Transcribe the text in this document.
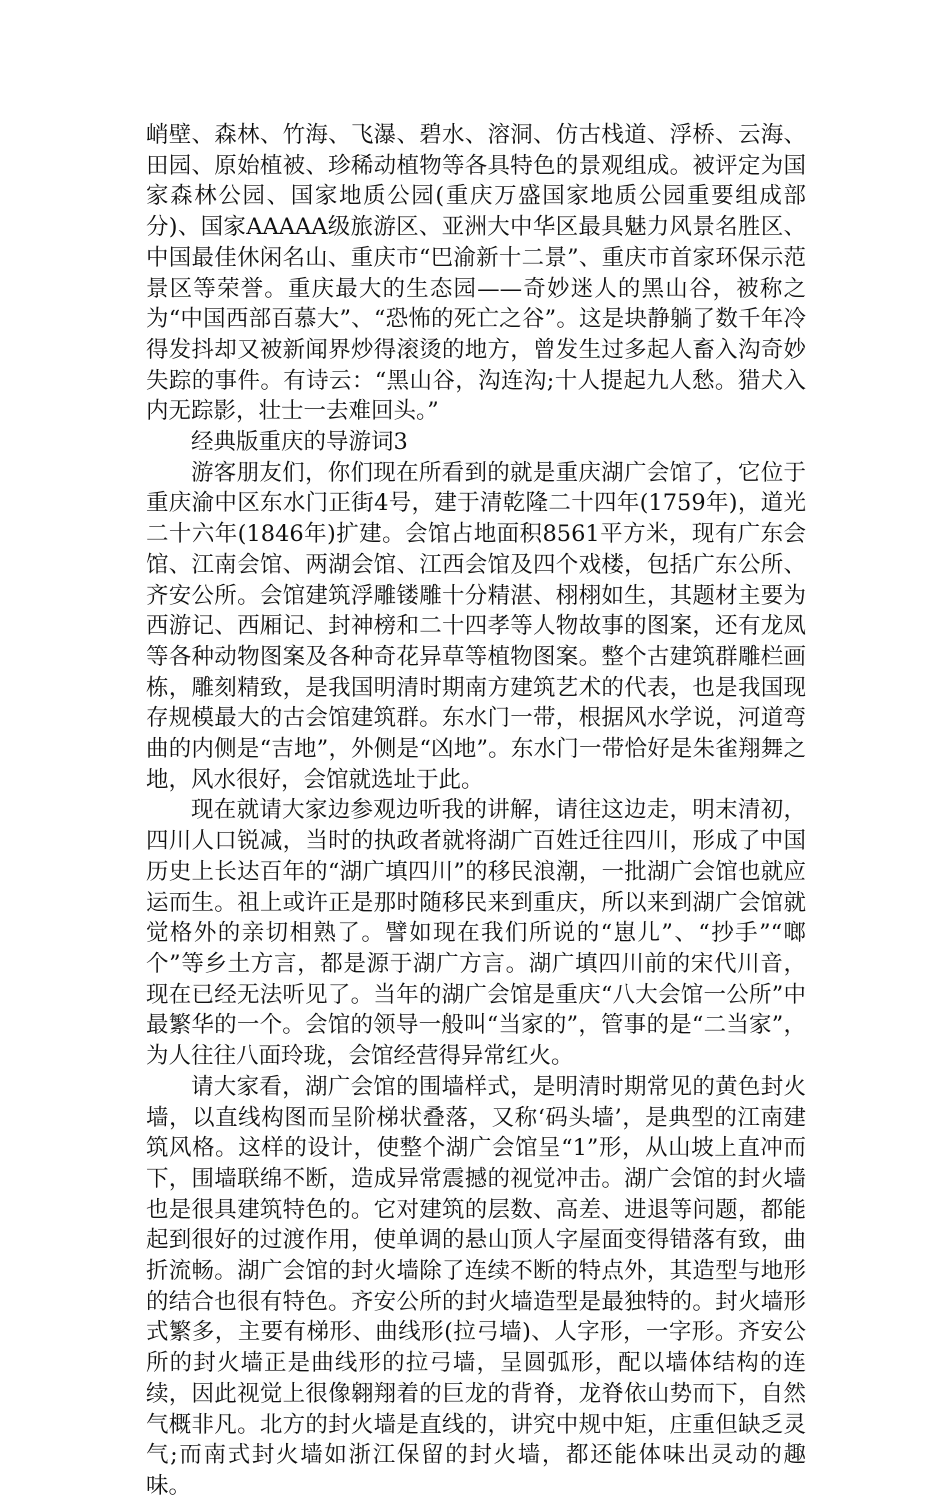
峭壁、森林、竹海、飞瀑、碧水、溶洞、仿古栈道、浮桥、云海、田园、原始植被、珍稀动植物等各具特色的景观组成。被评定为国家森林公园、国家地质公园(重庆万盛国家地质公园重要组成部分)、国家AAAAA级旅游区、亚洲大中华区最具魅力风景名胜区、中国最佳休闲名山、重庆市“巴渝新十二景”、重庆市首家环保示范景区等荣誉。重庆最大的生态园——奇妙迷人的黑山谷，被称之为“中国西部百慕大”、“恐怖的死亡之谷”。这是块静躺了数千年冷得发抖却又被新闻界炒得滚烫的地方，曾发生过多起人畜入沟奇妙失踪的事件。有诗云：“黑山谷，沟连沟;十人提起九人愁。猎犬入内无踪影，壮士一去难回头。”

经典版重庆的导游词3

游客朋友们，你们现在所看到的就是重庆湖广会馆了，它位于重庆渝中区东水门正街4号，建于清乾隆二十四年(1759年)，道光二十六年(1846年)扩建。会馆占地面积8561平方米，现有广东会馆、江南会馆、两湖会馆、江西会馆及四个戏楼，包括广东公所、齐安公所。会馆建筑浮雕镂雕十分精湛、栩栩如生，其题材主要为西游记、西厢记、封神榜和二十四孝等人物故事的图案，还有龙凤等各种动物图案及各种奇花异草等植物图案。整个古建筑群雕栏画栋，雕刻精致，是我国明清时期南方建筑艺术的代表，也是我国现存规模最大的古会馆建筑群。东水门一带，根据风水学说，河道弯曲的内侧是“吉地”，外侧是“凶地”。东水门一带恰好是朱雀翔舞之地，风水很好，会馆就选址于此。

现在就请大家边参观边听我的讲解，请往这边走，明末清初，四川人口锐减，当时的执政者就将湖广百姓迁往四川，形成了中国历史上长达百年的“湖广填四川”的移民浪潮，一批湖广会馆也就应运而生。祖上或许正是那时随移民来到重庆，所以来到湖广会馆就觉格外的亲切相熟了。譬如现在我们所说的“崽儿”、“抄手”“啷个”等乡土方言，都是源于湖广方言。湖广填四川前的宋代川音，现在已经无法听见了。当年的湖广会馆是重庆“八大会馆一公所”中最繁华的一个。会馆的领导一般叫“当家的”，管事的是“二当家”，为人往往八面玲珑，会馆经营得异常红火。

请大家看，湖广会馆的围墙样式，是明清时期常见的黄色封火墙，以直线构图而呈阶梯状叠落，又称‘码头墙’，是典型的江南建筑风格。这样的设计，使整个湖广会馆呈“1”形，从山坡上直冲而下，围墙联绵不断，造成异常震撼的视觉冲击。湖广会馆的封火墙也是很具建筑特色的。它对建筑的层数、高差、进退等问题，都能起到很好的过渡作用，使单调的悬山顶人字屋面变得错落有致，曲折流畅。湖广会馆的封火墙除了连续不断的特点外，其造型与地形的结合也很有特色。齐安公所的封火墙造型是最独特的。封火墙形式繁多，主要有梯形、曲线形(拉弓墙)、人字形，一字形。齐安公所的封火墙正是曲线形的拉弓墙，呈圆弧形，配以墙体结构的连续，因此视觉上很像翱翔着的巨龙的背脊，龙脊依山势而下，自然气概非凡。北方的封火墙是直线的，讲究中规中矩，庄重但缺乏灵气;而南式封火墙如浙江保留的封火墙，都还能体味出灵动的趣味。
